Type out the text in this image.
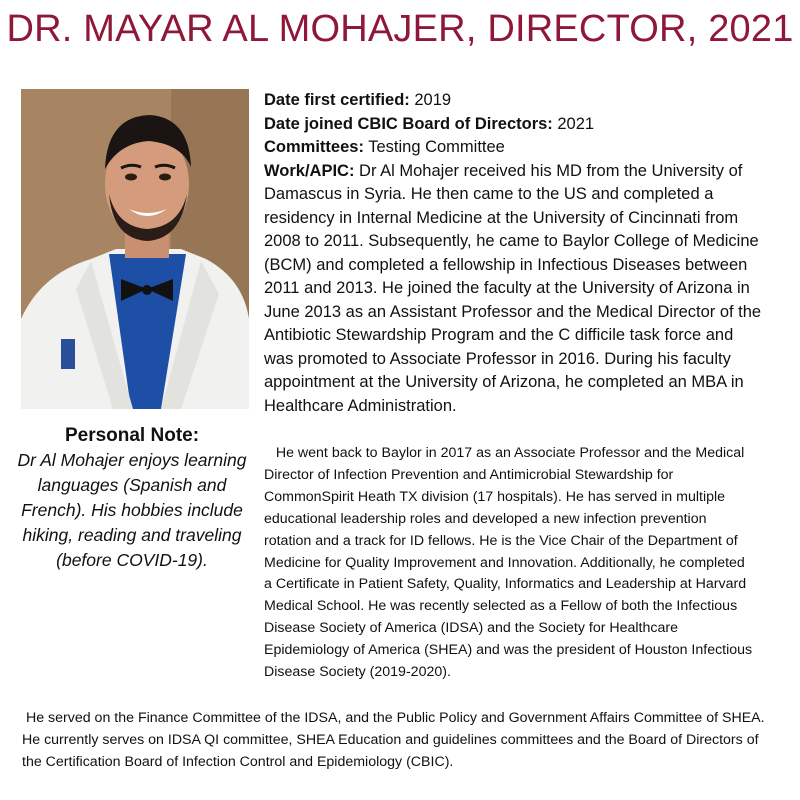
DR. MAYAR AL MOHAJER, DIRECTOR, 2021
Personal Note:
Dr Al Mohajer enjoys learning languages (Spanish and French). His hobbies include hiking, reading and traveling (before COVID-19).
Date first certified: 2019
Date joined CBIC Board of Directors: 2021
Committees: Testing Committee
Work/APIC: Dr Al Mohajer received his MD from the University of Damascus in Syria. He then came to the US and completed a residency in Internal Medicine at the University of Cincinnati from 2008 to 2011. Subsequently, he came to Baylor College of Medicine (BCM) and completed a fellowship in Infectious Diseases between 2011 and 2013. He joined the faculty at the University of Arizona in June 2013 as an Assistant Professor and the Medical Director of the Antibiotic Stewardship Program and the C difficile task force and was promoted to Associate Professor in 2016. During his faculty appointment at the University of Arizona, he completed an MBA in Healthcare Administration.
He went back to Baylor in 2017 as an Associate Professor and the Medical Director of Infection Prevention and Antimicrobial Stewardship for CommonSpirit Heath TX division (17 hospitals). He has served in multiple educational leadership roles and developed a new infection prevention rotation and a track for ID fellows. He is the Vice Chair of the Department of Medicine for Quality Improvement and Innovation. Additionally, he completed a Certificate in Patient Safety, Quality, Informatics and Leadership at Harvard Medical School. He was recently selected as a Fellow of both the Infectious Disease Society of America (IDSA) and the Society for Healthcare Epidemiology of America (SHEA) and was the president of Houston Infectious Disease Society (2019-2020).
He served on the Finance Committee of the IDSA, and the Public Policy and Government Affairs Committee of SHEA. He currently serves on IDSA QI committee, SHEA Education and guidelines committees and the Board of Directors of the Certification Board of Infection Control and Epidemiology (CBIC).
